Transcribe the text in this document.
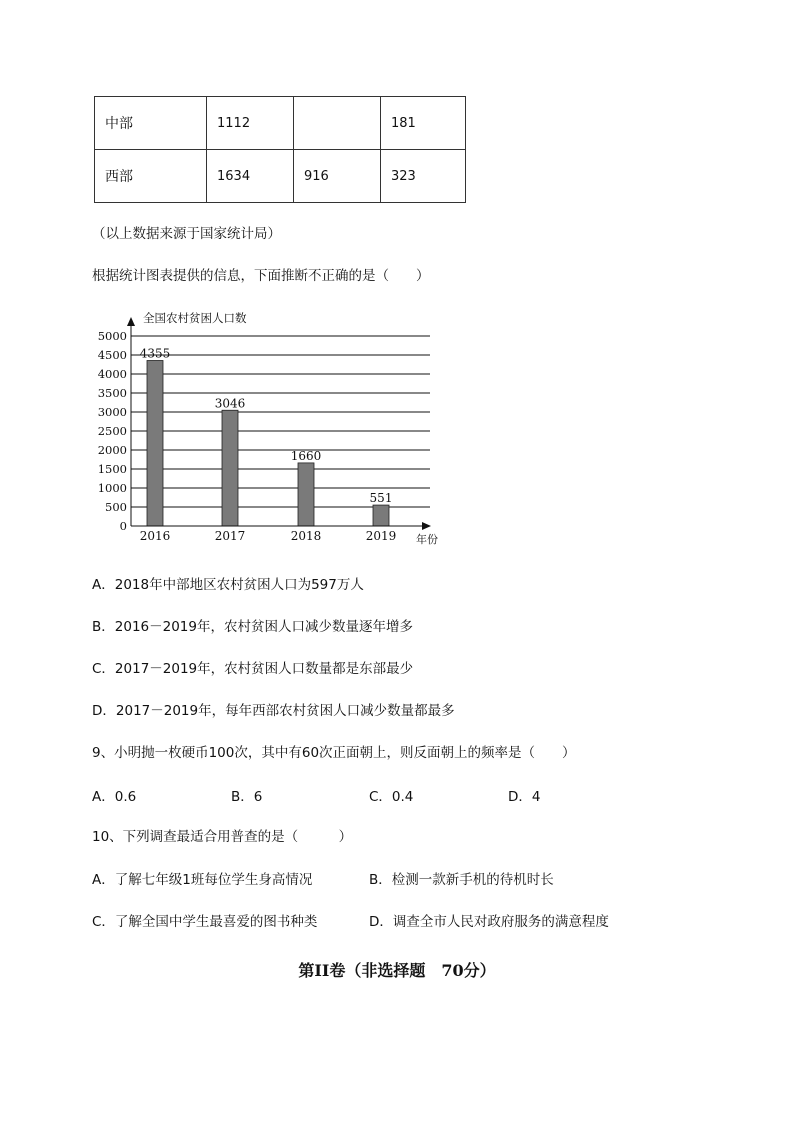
中部	1112		181
西部	1634	916	323
（以上数据来源于国家统计局）
根据统计图表提供的信息，下面推断不正确的是（　　）
0
500
1000
1500
2000
2500
3000
3500
4000
4500
5000
4355
2016
3046
2017
1660
2018
551
2019
全国农村贫困人口数
年份
A．2018年中部地区农村贫困人口为597万人
B．2016－2019年，农村贫困人口减少数量逐年增多
C．2017－2019年，农村贫困人口数量都是东部最少
D．2017－2019年，每年西部农村贫困人口减少数量都最多
9、小明抛一枚硬币100次，其中有60次正面朝上，则反面朝上的频率是（　　）
A．0.6	B．6	C．0.4	D．4
10、下列调查最适合用普查的是（　　　）
A．了解七年级1班每位学生身高情况	B．检测一款新手机的待机时长
C．了解全国中学生最喜爱的图书种类	D．调查全市人民对政府服务的满意程度
第II卷（非选择题　70分）
